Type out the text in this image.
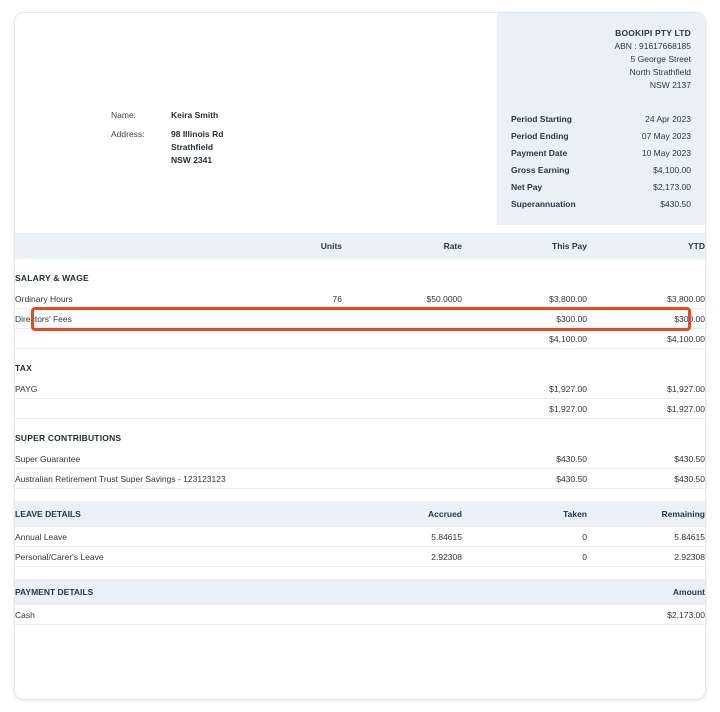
BOOKIPI PTY LTD
ABN : 91617668185
5 George Street
North Strathfield
NSW 2137
Name:	Keira Smith
Address:	98 Illinois Rd
Strathfield
NSW 2341
Period Starting	24 Apr 2023
Period Ending	07 May 2023
Payment Date	10 May 2023
Gross Earning	$4,100.00
Net Pay	$2,173.00
Superannuation	$430.50
	Units	Rate	This Pay	YTD
SALARY & WAGE				
Ordinary Hours	76	$50.0000	$3,800.00	$3,800.00
Directors' Fees			$300.00	$300.00
			$4,100.00	$4,100.00
TAX				
PAYG			$1,927.00	$1,927.00
			$1,927.00	$1,927.00
SUPER CONTRIBUTIONS				
Super Guarantee			$430.50	$430.50
Australian Retirement Trust Super Savings - 123123123			$430.50	$430.50

LEAVE DETAILS		Accrued	Taken	Remaining
Annual Leave		5.84615	0	5.84615
Personal/Carer's Leave		2.92308	0	2.92308

PAYMENT DETAILS				Amount
Cash				$2,173.00
